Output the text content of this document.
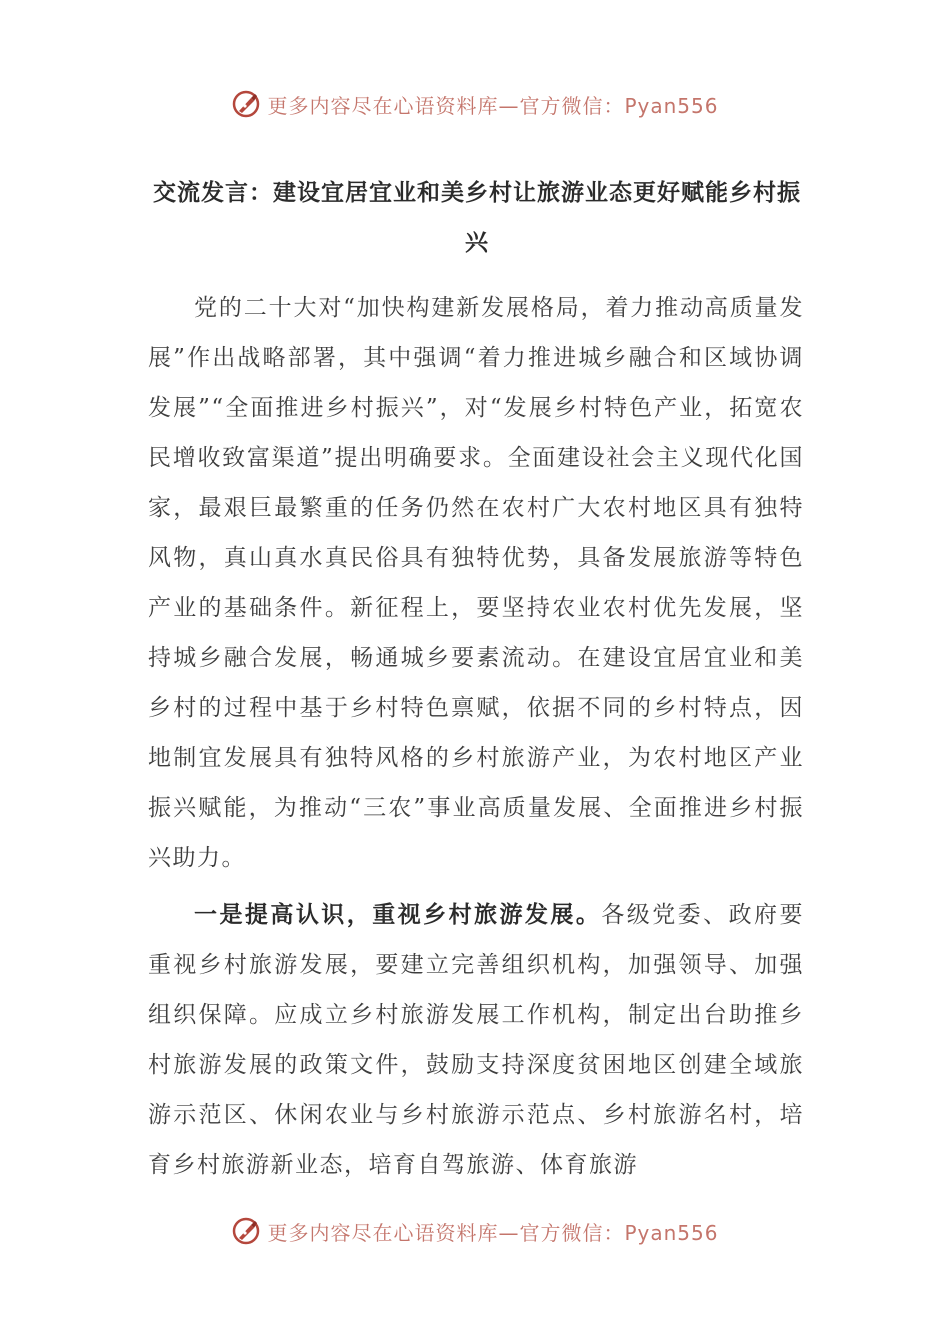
更多内容尽在心语资料库—官方微信：Pyan556
交流发言：建设宜居宜业和美乡村让旅游业态更好赋能乡村振兴

党的二十大对“加快构建新发展格局，着力推动高质量发展”作出战略部署，其中强调“着力推进城乡融合和区域协调发展”“全面推进乡村振兴”，对“发展乡村特色产业，拓宽农民增收致富渠道”提出明确要求。全面建设社会主义现代化国家，最艰巨最繁重的任务仍然在农村广大农村地区具有独特风物，真山真水真民俗具有独特优势，具备发展旅游等特色产业的基础条件。新征程上，要坚持农业农村优先发展，坚持城乡融合发展，畅通城乡要素流动。在建设宜居宜业和美乡村的过程中基于乡村特色禀赋，依据不同的乡村特点，因地制宜发展具有独特风格的乡村旅游产业，为农村地区产业振兴赋能，为推动“三农”事业高质量发展、全面推进乡村振兴助力。

一是提高认识，重视乡村旅游发展。各级党委、政府要重视乡村旅游发展，要建立完善组织机构，加强领导、加强组织保障。应成立乡村旅游发展工作机构，制定出台助推乡村旅游发展的政策文件，鼓励支持深度贫困地区创建全域旅游示范区、休闲农业与乡村旅游示范点、乡村旅游名村，培育乡村旅游新业态，培育自驾旅游、体育旅游

更多内容尽在心语资料库—官方微信：Pyan556
